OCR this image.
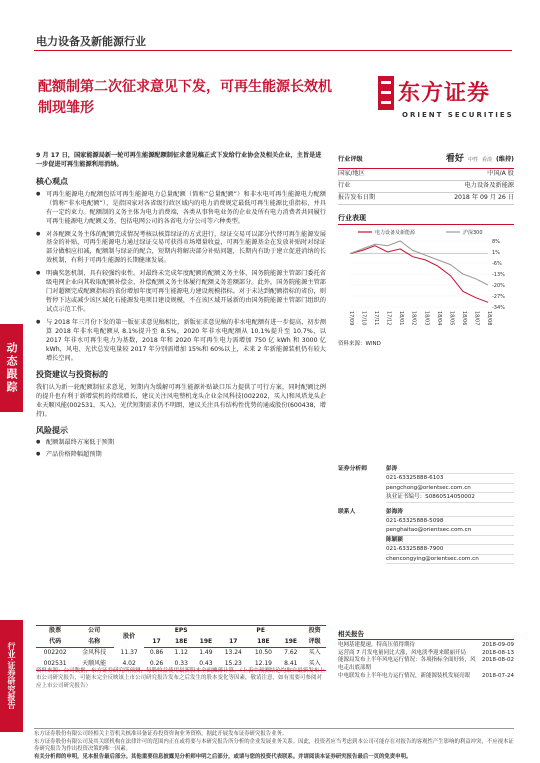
电力设备及新能源行业
配额制第二次征求意见下发，可再生能源长效机制现雏形
东方证券
ORIENT SECURITIES
动态跟踪
行业·证券研究报告
9 月 17 日，国家能源局新一轮可再生能源配额制征求意见稿正式下发给行业协会及相关企业，主旨是进一步促进可再生能源利用消纳。
核心观点
● 可再生能源电力配额包括可再生能源电力总量配额（简称“总量配额”）和非水电可再生能源电力配额（简称“非水电配额”），是指国家对各省级行政区域内的电力消费规定最低可再生能源比重指标，并具有一定约束力。配额制的义务主体为电力消费端，各类从事售电业务的企业及所有电力消费者共同履行可再生能源电力配额义务，包括电网公司的各省电力分公司等六种类型。
● 对各配额义务主体的配额完成情况考核以核算绿证的方式进行，绿证交易可以部分代替可再生能源发展基金的补贴，可再生能源电力通过绿证交易可获得市场增量收益，可再生能源基金在发放补贴时对绿证部分做相应扣减，配额制与绿证的配合，短期内将解决部分补贴问题，长期内有助于建立促进消纳的长效机制，有利于可再生能源的长期健康发展。
● 明确奖惩机制，具有较强约束性。对最终未完成年度配额的配额义务主体，国务院能源主管部门委托省级电网企业向其收取配额补偿金，补偿配额义务主体履行配额义务差额部分。此外，国务院能源主管部门对超额完成配额指标的省份增加年度可再生能源电力建设规模指标。对于未达到配额指标的省份，则暂停下达或减少该区域化石能源发电项目建设规模，不在该区域开展新的由国务院能源主管部门组织的试点示范工作。
● 与 2018 年三月份下发的第一版征求意见稿相比，新版征求意见稿的非水电配额有进一步提高，初步测算 2018 年非水电配额从 8.1%提升至 8.5%，2020 年非水电配额从 10.1%提升至 10.7%，以 2017 年非水可再生电力为基数，2018 年和 2020 年可再生电力需增加 750 亿 kWh 和 3000 亿 kWh，风电、光伏总发电量较 2017 年分别需增加 15%和 60%以上，未来 2 年新能源装机仍有较大增长空间。
投资建议与投资标的
我们认为新一轮配额制征求意见，短期内为缓解可再生能源补贴缺口压力提供了可行方案，同时配额比例的提升也有利于新增装机的持续增长，建议关注风电整机龙头企业金风科技(002202，买入)和风塔龙头企业天顺风能(002531，买入)，光伏短期需求仍不明朗，建议关注具有结构性优势的通威股份(600438，增持)。
风险提示
● 配额制最终方案低于预期
● 产品价格降幅超预期
股票	公司	股价	EPS			PE			投资
代码	名称		17	18E	19E	17	18E	19E	评级
002202	金风科技	11.37	0.86	1.12	1.49	13.24	10.50	7.62	买入
002531	天顺风能	4.02	0.26	0.33	0.43	15.23	12.19	8.41	买入
资料来源：公司数据，东方证券研究所预测，每股收益使用最新股本全面摊薄计算，（上表中预测结论均取自最新发布上市公司研究报告，可能未完全反映该上市公司研究报告发布之后发生的股本变化等因素，敬请注意，如有需要可参阅对应上市公司研究报告）
行业评级	看好 中性 看淡 (维持)
国家/地区	中国/A 股
行业	电力设备及新能源
报告发布日期	2018 年 09 月 26 日
行业表现
电力设备及新能源	沪深300
8%
1%
-6%
-13%
-20%
-27%
-34%
17/09 17/10 17/11 17/12 18/01 18/02 18/03 18/04 18/05 18/06 18/07 18/08
资料来源：WIND
证券分析师	彭涛
021-63325888-6103
pengchong@orientsec.com.cn
执业证书编号：S0860514050002
联系人	彭海涛
021-63325888-5098
penghaitao@orientsec.com.cn
陈颖颖
021-63325888-7900
chencongying@orientsec.com.cn
相关报告
电网基建提速，特高压值得期待	2018-09-09
运营商 7 月发电量同比大涨，风电淡季迎来暖丽开局	2018-08-13
能源局发布上半年风电运行情况：各项指标全面好转，风电走出底部期
2018-08-02
中电联发布上半年电力运行情况，新能源装机发展亮眼	2018-07-24
东方证券股份有限公司经相关主管机关核准具备证券投资咨询业务资格，据此开展发布证券研究报告业务。
东方证券股份有限公司及其关联机构在法律许可的范围内正在或将要与本研究报告所分析的企业发展业务关系。因此，投资者应当考虑到本公司可能存在对报告的客观性产生影响的利益冲突，不应视本证券研究报告为作出投资决策的唯一因素。
有关分析师的申明，见本报告最后部分。其他重要信息披露见分析师申明之后部分，或请与您的投资代表联系。并请阅读本证券研究报告最后一页的免责申明。
